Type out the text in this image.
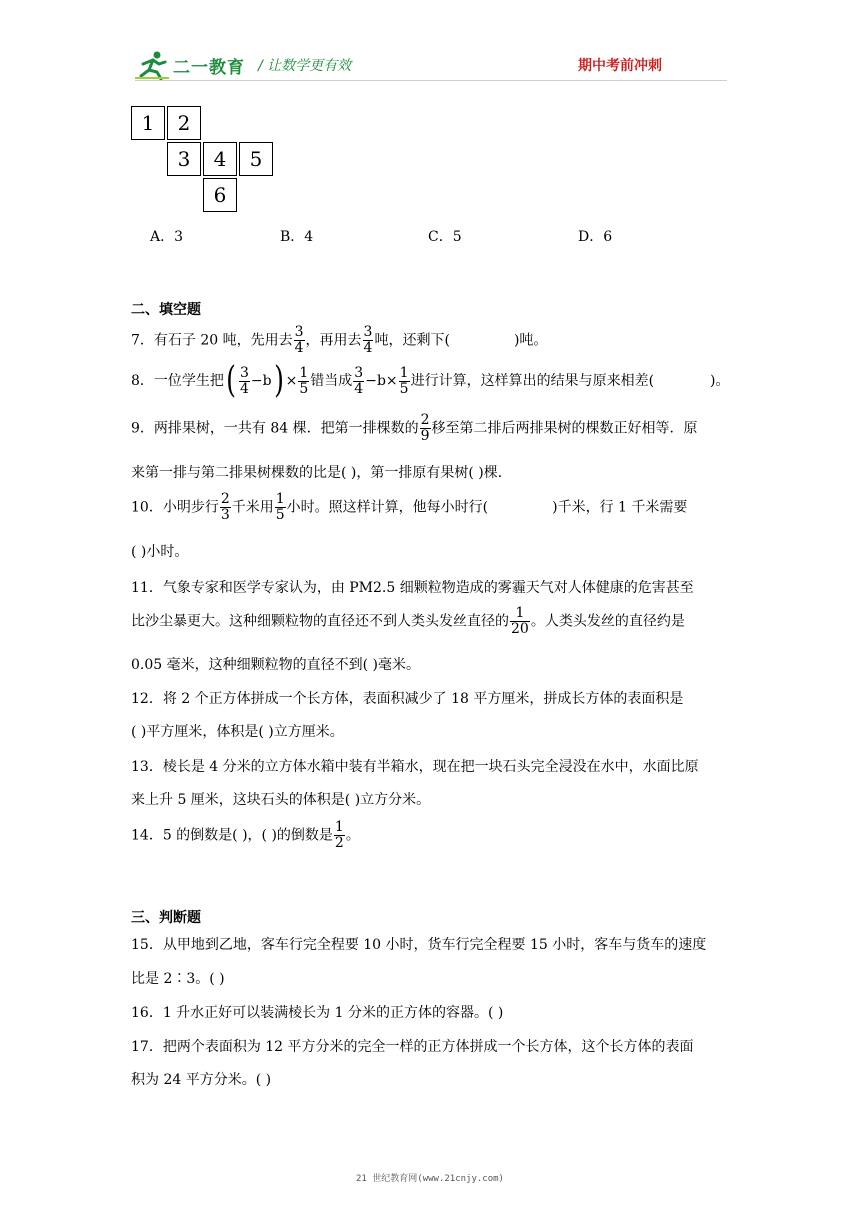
二一教育 / 让数学更有效	期中考前冲刺
1	2
3	4	5
6
A．3	B．4	C．5	D．6
二、填空题
7．有石子 20 吨，先用去 $\frac{3}{4}$ ，再用去 $\frac{3}{4}$ 吨，还剩下(	)吨。
8．一位学生把( $\frac{3}{4} -b) \times \frac{1}{5}$ 错当成 $\frac{3}{4} -b\times \frac{1}{5}$ 进行计算，这样算出的结果与原来相差(	)。
9．两排果树，一共有 84 棵．把第一排棵数的 $\frac{2}{9}$ 移至第二排后两排果树的棵数正好相等．原
来第一排与第二排果树棵数的比是( )，第一排原有果树( )棵．
10．小明步行 $\frac{2}{3}$ 千米用 $\frac{1}{5}$ 小时。照这样计算，他每小时行(	)千米，行 1 千米需要
( )小时。
11．气象专家和医学专家认为，由 PM2.5 细颗粒物造成的雾霾天气对人体健康的危害甚至
比沙尘暴更大。这种细颗粒物的直径还不到人类头发丝直径的 $\frac{1}{20}$ 。人类头发丝的直径约是
0.05 毫米，这种细颗粒物的直径不到( )毫米。
12．将 2 个正方体拼成一个长方体，表面积减少了 18 平方厘米，拼成长方体的表面积是
( )平方厘米，体积是( )立方厘米。
13．棱长是 4 分米的立方体水箱中装有半箱水，现在把一块石头完全浸没在水中，水面比原
来上升 5 厘米，这块石头的体积是( )立方分米。
14．5 的倒数是( )，( )的倒数是 $\frac{1}{2}$ 。
三、判断题
15．从甲地到乙地，客车行完全程要 10 小时，货车行完全程要 15 小时，客车与货车的速度
比是 2∶3。( )
16．1 升水正好可以装满棱长为 1 分米的正方体的容器。( )
17．把两个表面积为 12 平方分米的完全一样的正方体拼成一个长方体，这个长方体的表面
积为 24 平方分米。( )
21 世纪教育网(www.21cnjy.com)
